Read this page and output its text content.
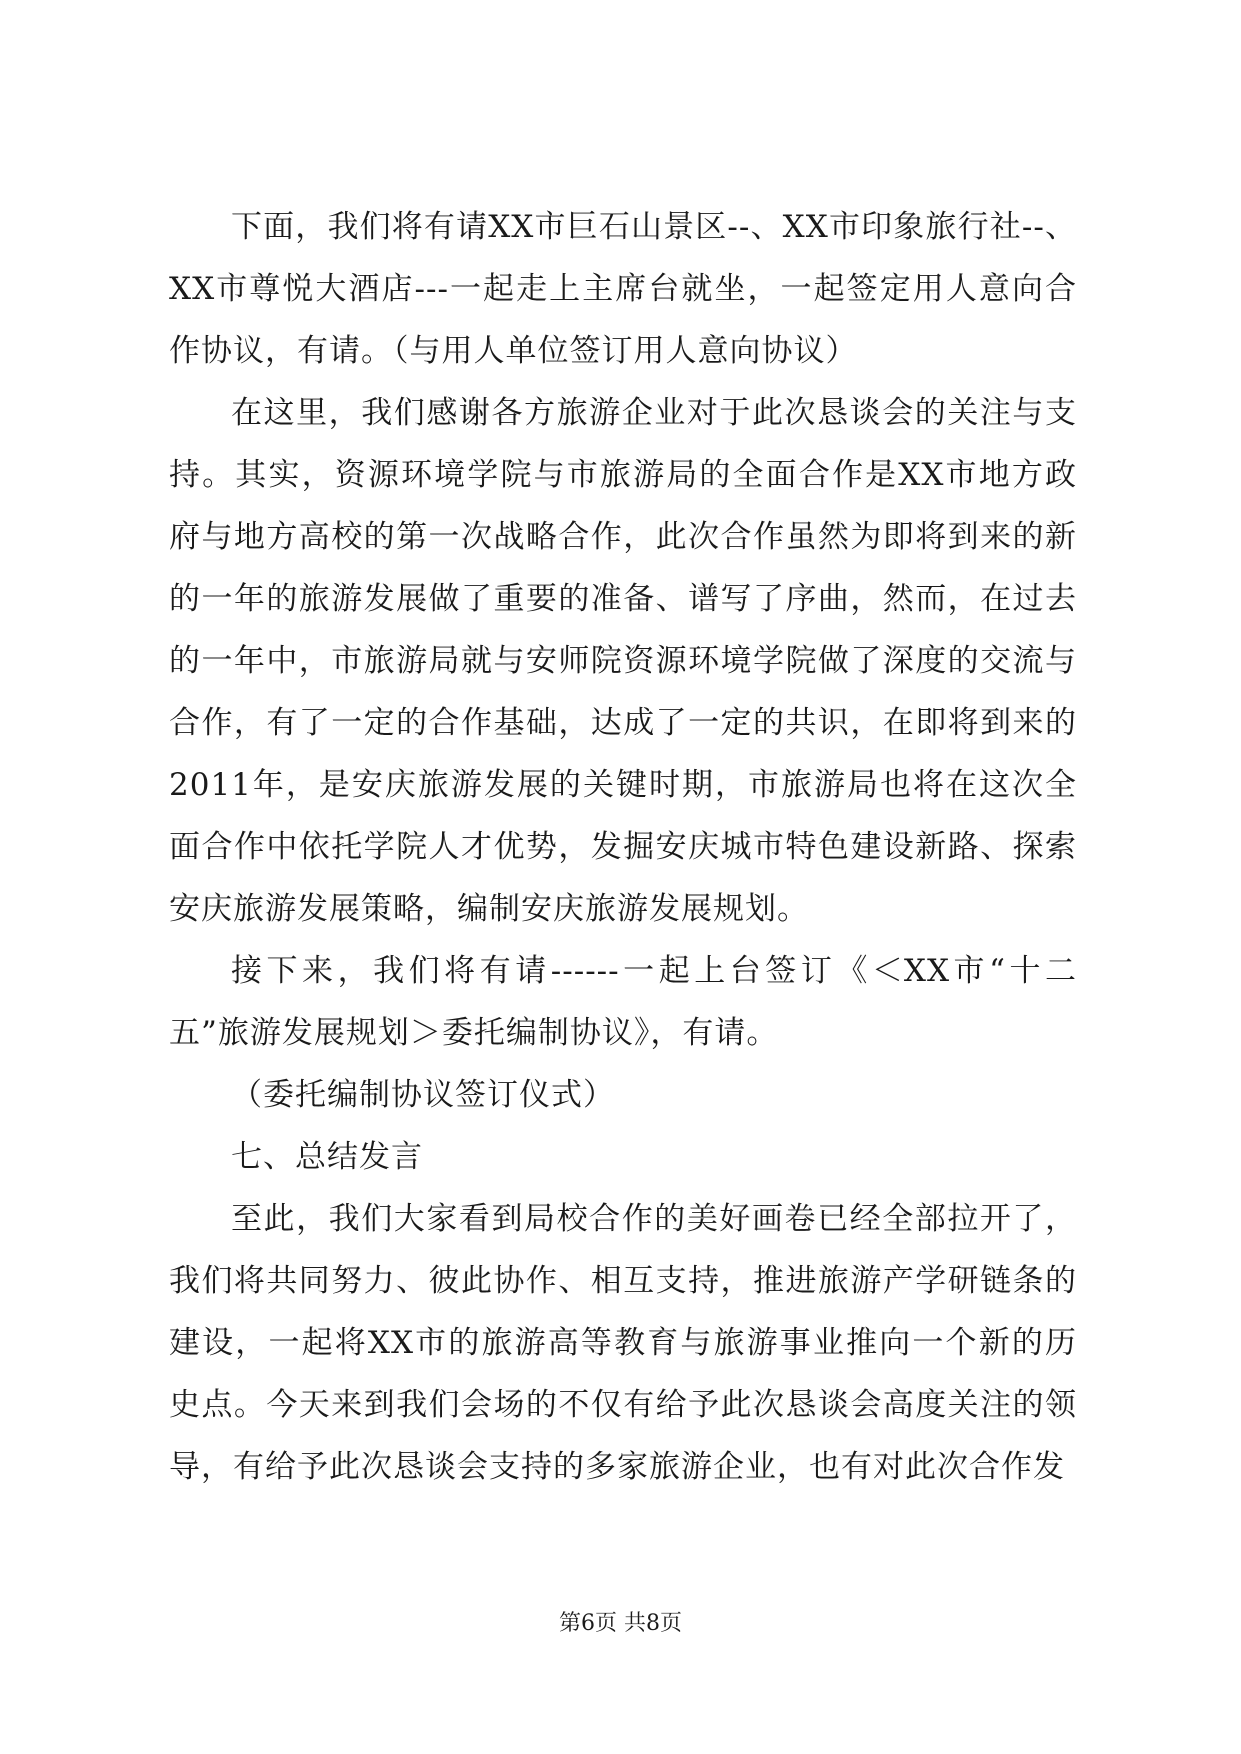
下面，我们将有请XX市巨石山景区--、XX市印象旅行社--、XX市尊悦大酒店---一起走上主席台就坐，一起签定用人意向合作协议，有请。（与用人单位签订用人意向协议）

在这里，我们感谢各方旅游企业对于此次恳谈会的关注与支持。其实，资源环境学院与市旅游局的全面合作是XX市地方政府与地方高校的第一次战略合作，此次合作虽然为即将到来的新的一年的旅游发展做了重要的准备、谱写了序曲，然而，在过去的一年中，市旅游局就与安师院资源环境学院做了深度的交流与合作，有了一定的合作基础，达成了一定的共识，在即将到来的2011年，是安庆旅游发展的关键时期，市旅游局也将在这次全面合作中依托学院人才优势，发掘安庆城市特色建设新路、探索安庆旅游发展策略，编制安庆旅游发展规划。

接下来，我们将有请------一起上台签订《＜XX市“十二五”旅游发展规划＞委托编制协议》，有请。

（委托编制协议签订仪式）

七、总结发言

至此，我们大家看到局校合作的美好画卷已经全部拉开了，我们将共同努力、彼此协作、相互支持，推进旅游产学研链条的建设，一起将XX市的旅游高等教育与旅游事业推向一个新的历史点。今天来到我们会场的不仅有给予此次恳谈会高度关注的领导，有给予此次恳谈会支持的多家旅游企业，也有对此次合作发

第6页 共8页
